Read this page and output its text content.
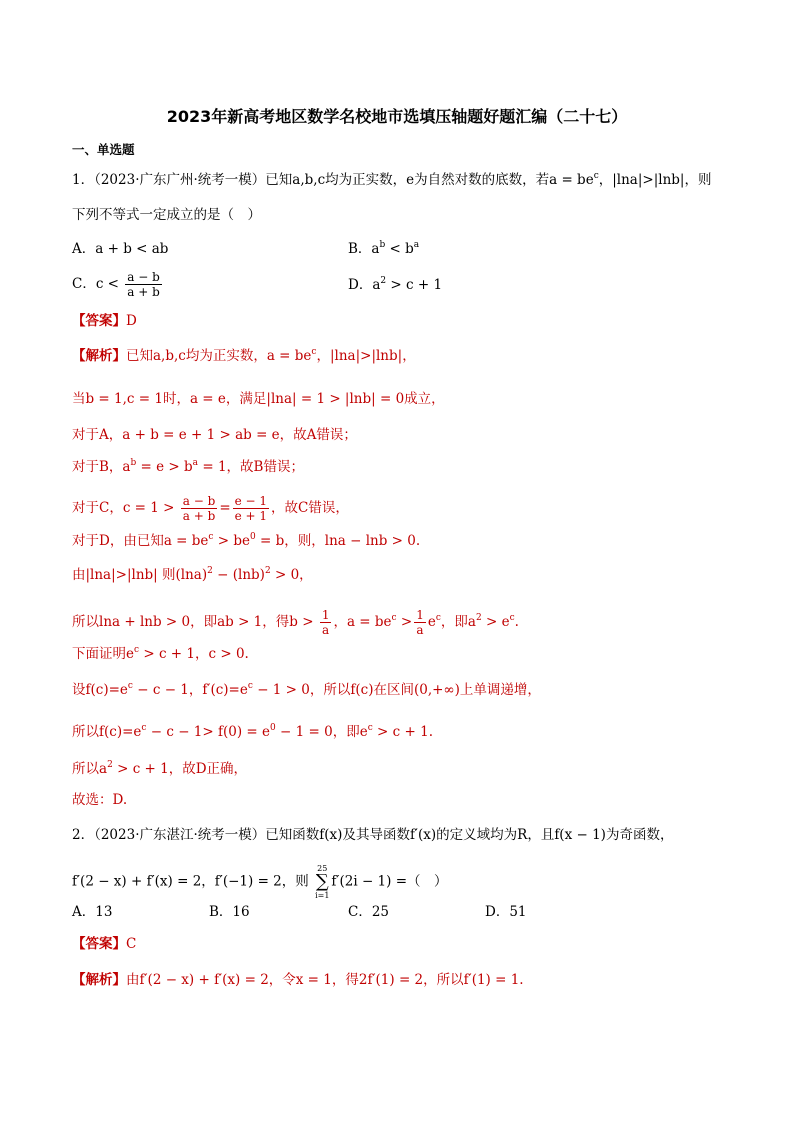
2023年新高考地区数学名校地市选填压轴题好题汇编（二十七）
一、单选题
1．（2023·广东广州·统考一模）已知a,b,c均为正实数，e为自然对数的底数，若$a = be^c$，|lna|>|lnb|，则
下列不等式一定成立的是（　）
A．a + b < ab	B．$a^b < b^a$
C．$c < \frac{a - b}{a + b}$	D．$a^2 > c + 1$
【答案】D
【解析】已知a,b,c均为正实数，$a = be^c$，|lna|>|lnb|，
当b = 1,c = 1时，a = e，满足|lna| = 1 > |lnb| = 0成立，
对于A，a + b = e + 1 > ab = e，故A错误；
对于B，$a^b = e > b^a = 1$，故B错误；
对于C，$c = 1 > \frac{a - b}{a + b} = \frac{e - 1}{e + 1}$ ，故C错误，
对于D，由已知$a = be^c > be^0 = b$，则，lna − lnb > 0.
由|lna|>|lnb| 则$(\ln a)^2 - (\ln b)^2 > 0$，
所以lna + lnb > 0，即ab > 1，得$b > \frac{1}{a}$ ，$a = be^c > \frac{1}{a} e^c$，即$a^2 > e^c$.
下面证明$e^c > c + 1$，c > 0.
设$f(c)=e^c - c - 1$，$f'(c)=e^c - 1 > 0$，所以f(c)在区间(0,+∞)上单调递增，
所以$f(c)=e^c - c - 1> f(0) = e^0 - 1 = 0$，即$e^c > c + 1$.
所以$a^2 > c + 1$，故D正确，
故选：D.
2．（2023·广东湛江·统考一模）已知函数f(x)及其导函数f′(x)的定义域均为R，且f(x − 1)为奇函数，
f′(2 − x) + f′(x) = 2，f′(−1) = 2，则 25
∑
i=1f′(2i − 1) =（　）
A．13	B．16	C．25	D．51
【答案】C
【解析】由f′(2 − x) + f′(x) = 2，令x = 1，得2f′(1) = 2，所以f′(1) = 1.
